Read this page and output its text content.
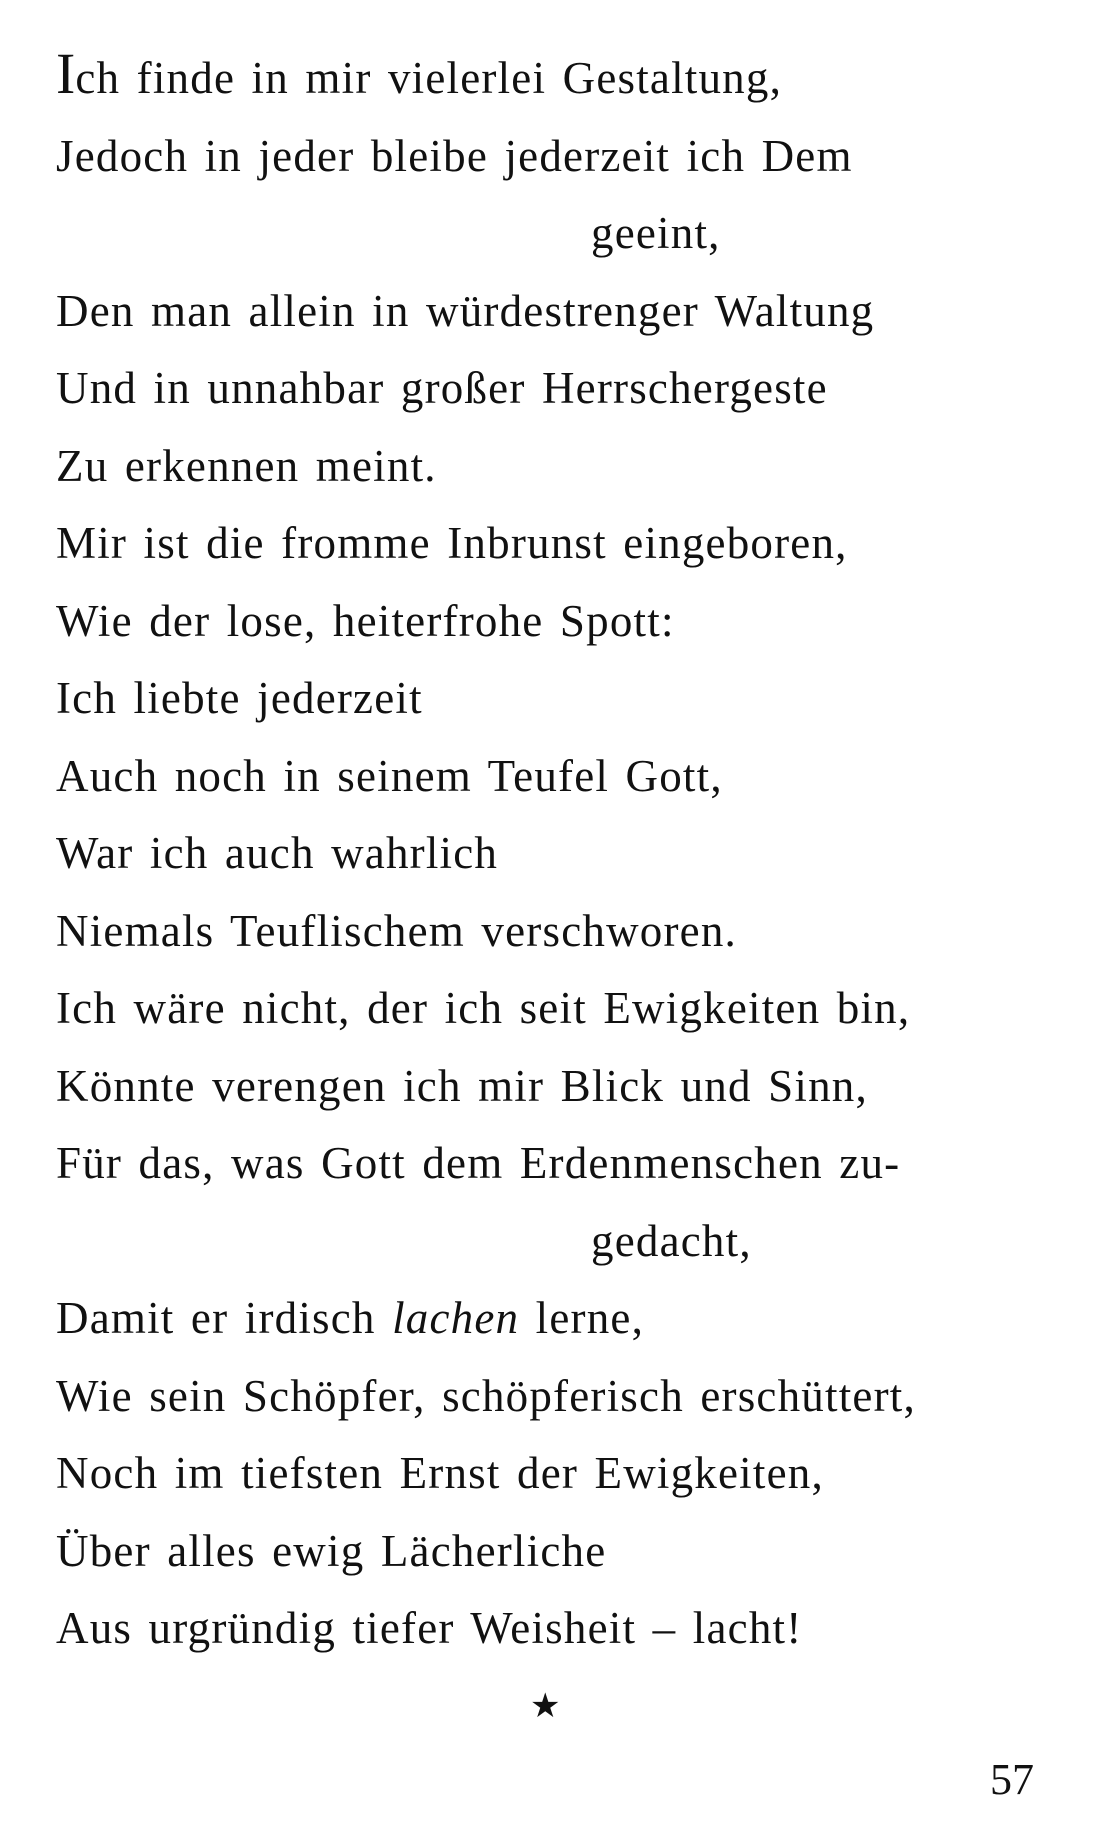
Ich finde in mir vielerlei Gestaltung,
Jedoch in jeder bleibe jederzeit ich Dem
geeint,
Den man allein in würdestrenger Waltung
Und in unnahbar großer Herrschergeste
Zu erkennen meint.
Mir ist die fromme Inbrunst eingeboren,
Wie der lose, heiterfrohe Spott:
Ich liebte jederzeit
Auch noch in seinem Teufel Gott,
War ich auch wahrlich
Niemals Teuflischem verschworen.
Ich wäre nicht, der ich seit Ewigkeiten bin,
Könnte verengen ich mir Blick und Sinn,
Für das, was Gott dem Erdenmenschen zu-
gedacht,
Damit er irdisch lachen lerne,
Wie sein Schöpfer, schöpferisch erschüttert,
Noch im tiefsten Ernst der Ewigkeiten,
Über alles ewig Lächerliche
Aus urgründig tiefer Weisheit – lacht!
★
57
